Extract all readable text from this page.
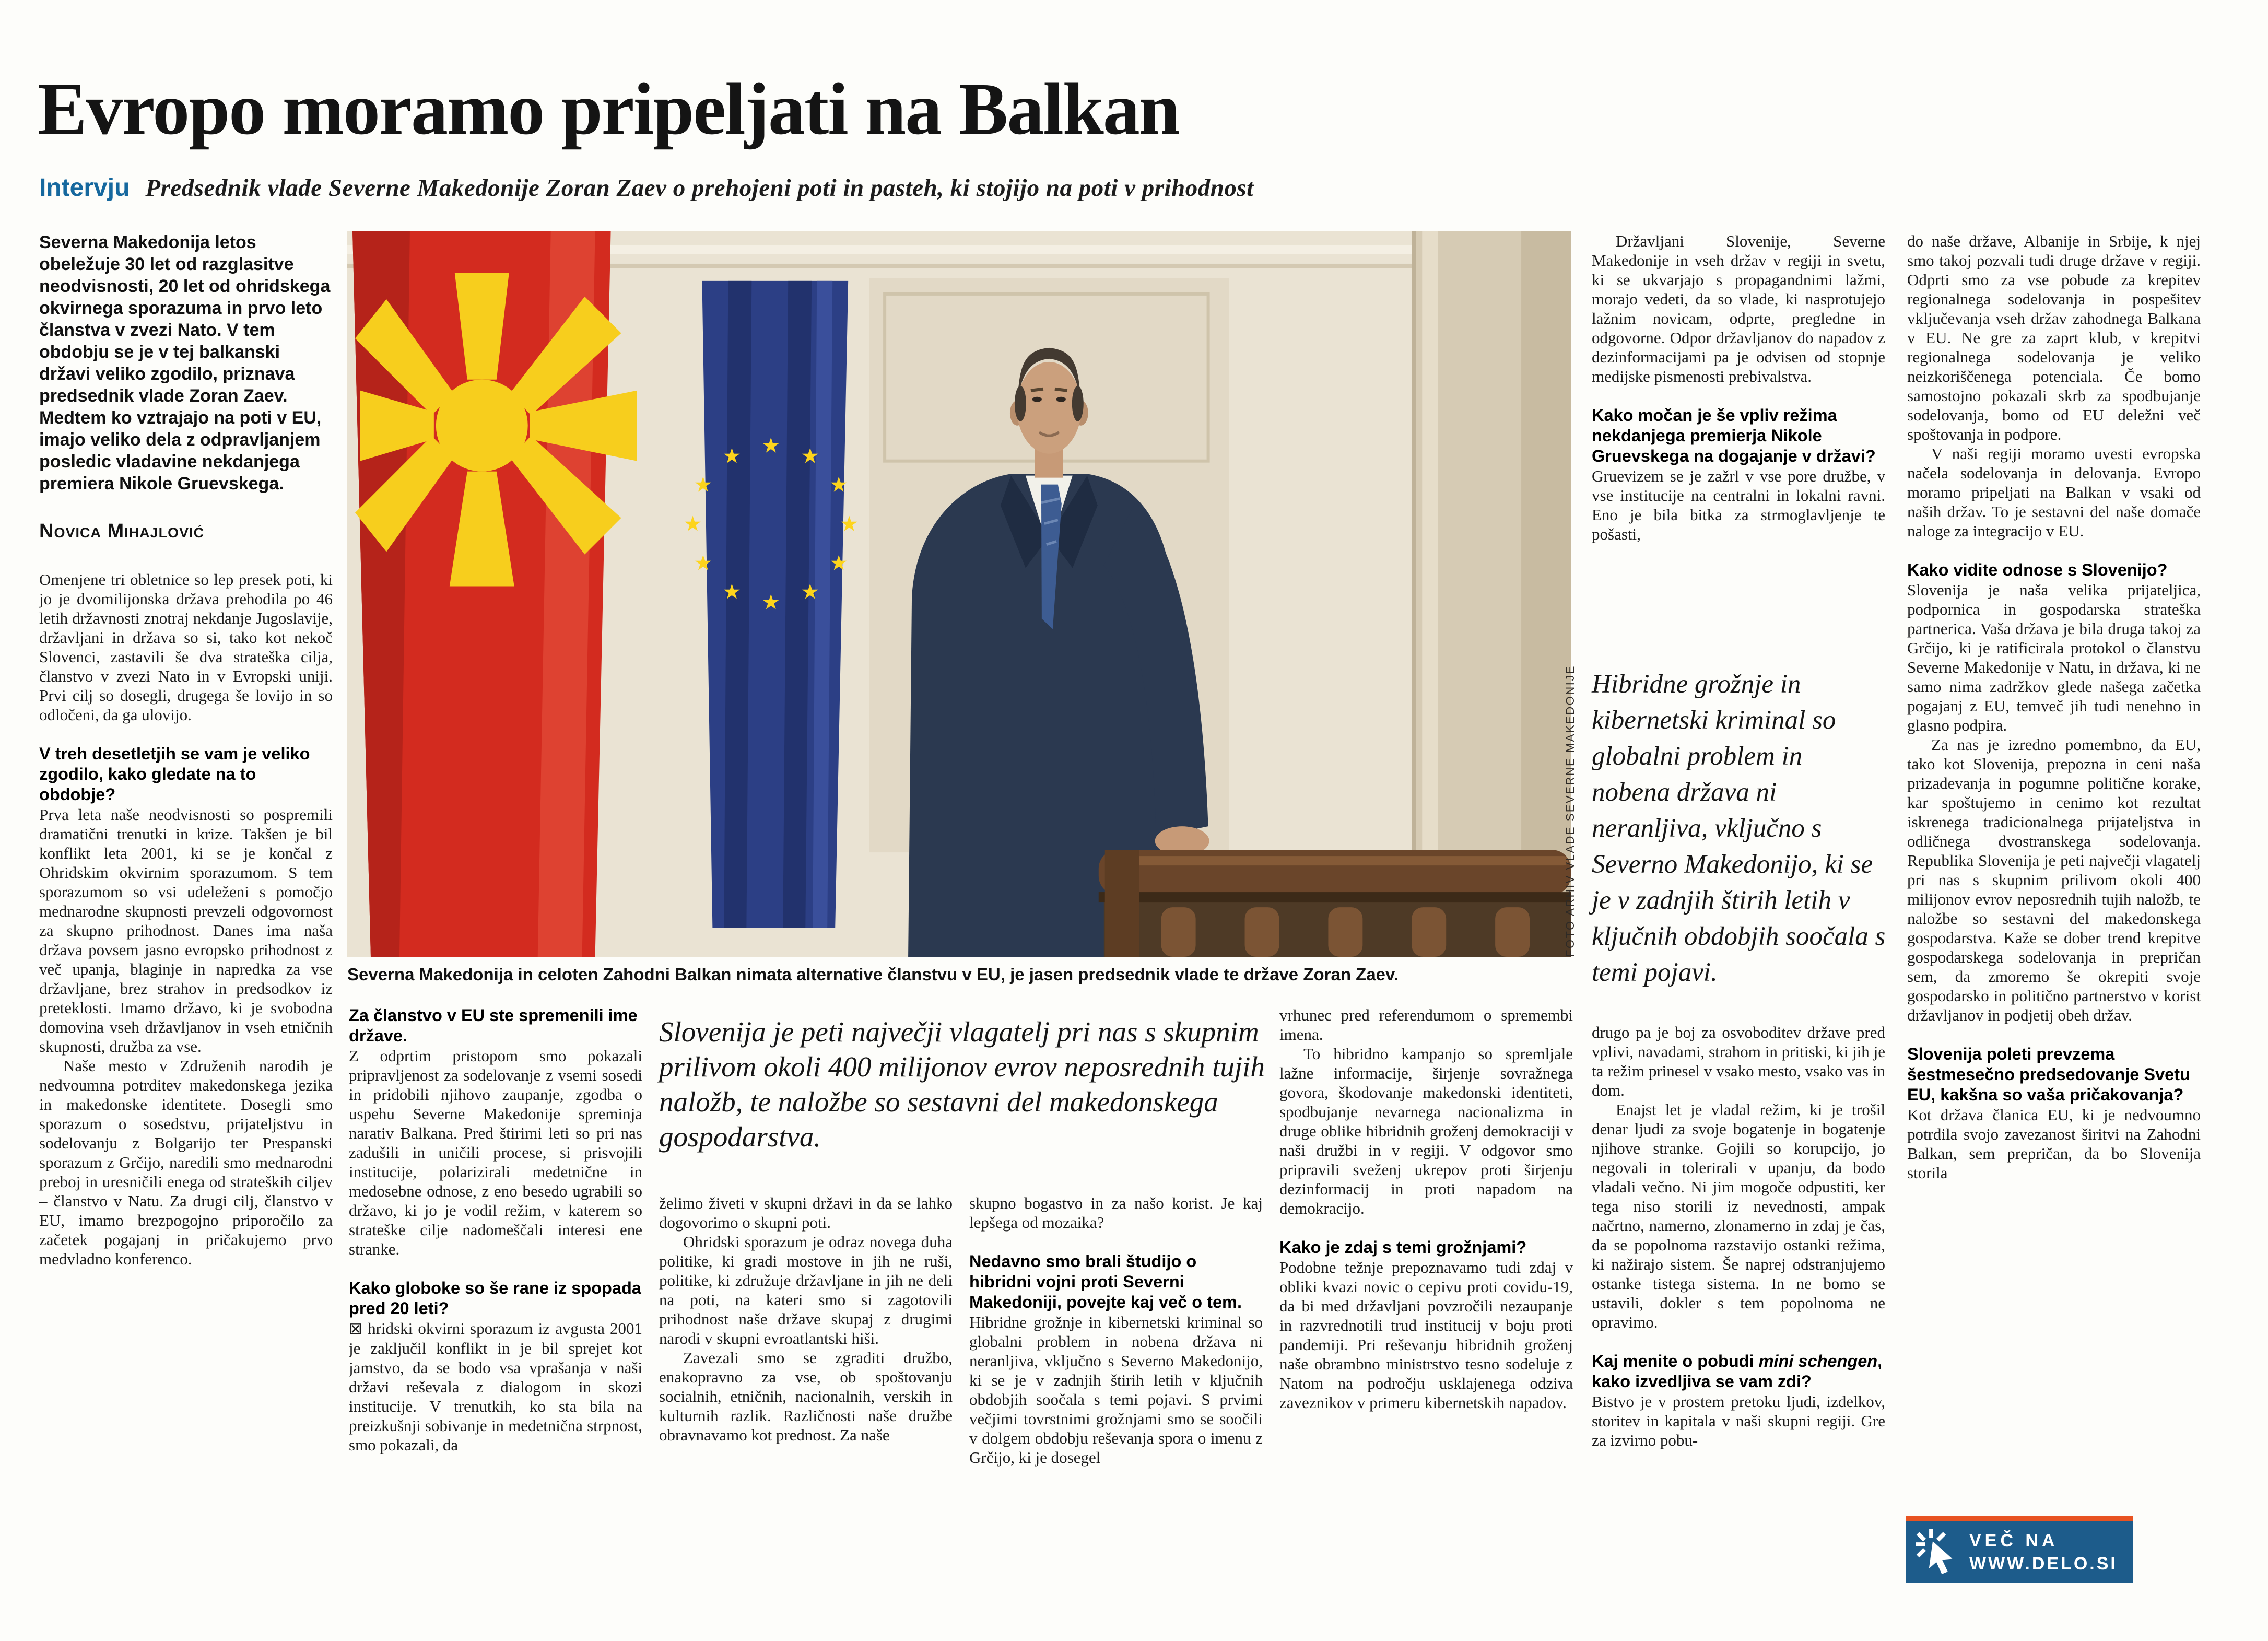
Evropo moramo pripeljati na Balkan
Intervju Predsednik vlade Severne Makedonije Zoran Zaev o prehojeni poti in pasteh, ki stojijo na poti v prihodnost
★ ★
★
★
★
★
★
★
★
★
★
★
Severna Makedonija in celoten Zahodni Balkan nimata alternative članstvu v EU, je jasen predsednik vlade te države Zoran Zaev.
FOTO ARHIV VLADE SEVERNE MAKEDONIJE
Slovenija je peti največji vlagatelj pri nas s skupnim prilivom okoli 400 milijonov evrov neposrednih tujih naložb, te naložbe so sestavni del makedonskega gospodarstva.
Hibridne grožnje in kibernetski kriminal so globalni problem in nobena država ni neranljiva, vključno s Severno Makedonijo, ki se je v zadnjih štirih letih v ključnih obdobjih soočala s temi pojavi.
Severna Makedonija letos obeležuje 30 let od razglasitve neodvisnosti, 20 let od ohridskega okvirnega sporazuma in prvo leto članstva v zvezi Nato. V tem obdobju se je v tej balkanski državi veliko zgodilo, priznava predsednik vlade Zoran Zaev. Medtem ko vztrajajo na poti v EU, imajo veliko dela z odpravljanjem posledic vladavine nekdanjega premiera Nikole Gruevskega.
Novica Mihajlović
Omenjene tri obletnice so lep presek poti, ki jo je dvomilijonska država prehodila po 46 letih državnosti znotraj nekdanje Jugoslavije, državljani in država so si, tako kot nekoč Slovenci, zastavili še dva strateška cilja, članstvo v zvezi Nato in v Evropski uniji. Prvi cilj so dosegli, drugega še lovijo in so odločeni, da ga ulovijo.
V treh desetletjih se vam je veliko zgodilo, kako gledate na to obdobje?
Prva leta naše neodvisnosti so pospremili dramatični trenutki in krize. Takšen je bil konflikt leta 2001, ki se je končal z Ohridskim okvirnim sporazumom. S tem sporazumom so vsi udeleženi s pomočjo mednarodne skupnosti prevzeli odgovornost za skupno prihodnost. Danes ima naša država povsem jasno evropsko prihodnost z več upanja, blaginje in napredka za vse državljane, brez strahov in predsodkov iz preteklosti. Imamo državo, ki je svobodna domovina vseh državljanov in vseh etničnih skupnosti, družba za vse.
Naše mesto v Združenih narodih je nedvoumna potrditev makedonskega jezika in makedonske identitete. Dosegli smo sporazum o sosedstvu, prijateljstvu in sodelovanju z Bolgarijo ter Prespanski sporazum z Grčijo, naredili smo mednarodni preboj in uresničili enega od strateških ciljev – članstvo v Natu. Za drugi cilj, članstvo v EU, imamo brezpogojno priporočilo za začetek pogajanj in pričakujemo prvo medvladno konferenco.
Za članstvo v EU ste spremenili ime države.
Z odprtim pristopom smo pokazali pripravljenost za sodelovanje z vsemi sosedi in pridobili njihovo zaupanje, zgodba o uspehu Severne Makedonije spreminja narativ Balkana. Pred štirimi leti so pri nas zadušili in uničili procese, si prisvojili institucije, polarizirali medetnične in medosebne odnose, z eno besedo ugrabili so državo, ki jo je vodil režim, v katerem so strateške cilje nadomeščali interesi ene stranke.
Kako globoke so še rane iz spopada pred 20 leti?
⊠ hridski okvirni sporazum iz avgusta 2001 je zaključil konflikt in je bil sprejet kot jamstvo, da se bodo vsa vprašanja v naši državi reševala z dialogom in skozi institucije. V trenutkih, ko sta bila na preizkušnji sobivanje in medetnična strpnost, smo pokazali, da
želimo živeti v skupni državi in da se lahko dogovorimo o skupni poti.
Ohridski sporazum je odraz novega duha politike, ki gradi mostove in jih ne ruši, politike, ki združuje državljane in jih ne deli na poti, na kateri smo si zagotovili prihodnost naše države skupaj z drugimi narodi v skupni evroatlantski hiši.
Zavezali smo se zgraditi družbo, enakopravno za vse, ob spoštovanju socialnih, etničnih, nacionalnih, verskih in kulturnih razlik. Različnosti naše družbe obravnavamo kot prednost. Za naše
skupno bogastvo in za našo korist. Je kaj lepšega od mozaika?
Nedavno smo brali študijo o hibridni vojni proti Severni Makedoniji, povejte kaj več o tem.
Hibridne grožnje in kibernetski kriminal so globalni problem in nobena država ni neranljiva, vključno s Severno Makedonijo, ki se je v zadnjih štirih letih v ključnih obdobjih soočala s temi pojavi. S prvimi večjimi tovrstnimi grožnjami smo se soočili v dolgem obdobju reševanja spora o imenu z Grčijo, ki je dosegel
vrhunec pred referendumom o spremembi imena.
To hibridno kampanjo so spremljale lažne informacije, širjenje sovražnega govora, škodovanje makedonski identiteti, spodbujanje nevarnega nacionalizma in druge oblike hibridnih groženj demokraciji v naši družbi in v regiji. V odgovor smo pripravili sveženj ukrepov proti širjenju dezinformacij in proti napadom na demokracijo.
Kako je zdaj s temi grožnjami?
Podobne težnje prepoznavamo tudi zdaj v obliki kvazi novic o cepivu proti covidu-19, da bi med državljani povzročili nezaupanje in razvrednotili trud institucij v boju proti pandemiji. Pri reševanju hibridnih groženj naše obrambno ministrstvo tesno sodeluje z Natom na področju usklajenega odziva zaveznikov v primeru kibernetskih napadov.
Državljani Slovenije, Severne Makedonije in vseh držav v regiji in svetu, ki se ukvarjajo s propagandnimi lažmi, morajo vedeti, da so vlade, ki nasprotujejo lažnim novicam, odprte, pregledne in odgovorne. Odpor državljanov do napadov z dezinformacijami pa je odvisen od stopnje medijske pismenosti prebivalstva.
Kako močan je še vpliv režima nekdanjega premierja Nikole Gruevskega na dogajanje v državi?
Gruevizem se je zažrl v vse pore družbe, v vse institucije na centralni in lokalni ravni. Eno je bila bitka za strmoglavljenje te pošasti,
drugo pa je boj za osvoboditev države pred vplivi, navadami, strahom in pritiski, ki jih je ta režim prinesel v vsako mesto, vsako vas in dom.
Enajst let je vladal režim, ki je trošil denar ljudi za svoje bogatenje in bogatenje njihove stranke. Gojili so korupcijo, jo negovali in tolerirali v upanju, da bodo vladali večno. Ni jim mogoče odpustiti, ker tega niso storili iz nevednosti, ampak načrtno, namerno, zlonamerno in zdaj je čas, da se popolnoma razstavijo ostanki režima, ki nažirajo sistem. Še naprej odstranjujemo ostanke tistega sistema. In ne bomo se ustavili, dokler s tem popolnoma ne opravimo.
Kaj menite o pobudi mini schengen, kako izvedljiva se vam zdi?
Bistvo je v prostem pretoku ljudi, izdelkov, storitev in kapitala v naši skupni regiji. Gre za izvirno pobu-
do naše države, Albanije in Srbije, k njej smo takoj pozvali tudi druge države v regiji. Odprti smo za vse pobude za krepitev regionalnega sodelovanja in pospešitev vključevanja vseh držav zahodnega Balkana v EU. Ne gre za zaprt klub, v krepitvi regionalnega sodelovanja je veliko neizkoriščenega potenciala. Če bomo samostojno pokazali skrb za spodbujanje sodelovanja, bomo od EU deležni več spoštovanja in podpore.
V naši regiji moramo uvesti evropska načela sodelovanja in delovanja. Evropo moramo pripeljati na Balkan v vsaki od naših držav. To je sestavni del naše domače naloge za integracijo v EU.
Kako vidite odnose s Slovenijo?
Slovenija je naša velika prijateljica, podpornica in gospodarska strateška partnerica. Vaša država je bila druga takoj za Grčijo, ki je ratificirala protokol o članstvu Severne Makedonije v Natu, in država, ki ne samo nima zadržkov glede našega začetka pogajanj z EU, temveč jih tudi nenehno in glasno podpira.
Za nas je izredno pomembno, da EU, tako kot Slovenija, prepozna in ceni naša prizadevanja in pogumne politične korake, kar spoštujemo in cenimo kot rezultat iskrenega tradicionalnega prijateljstva in odličnega dvostranskega sodelovanja. Republika Slovenija je peti največji vlagatelj pri nas s skupnim prilivom okoli 400 milijonov evrov neposrednih tujih naložb, te naložbe so sestavni del makedonskega gospodarstva. Kaže se dober trend krepitve gospodarskega sodelovanja in prepričan sem, da zmoremo še okrepiti svoje gospodarsko in politično partnerstvo v korist državljanov in podjetij obeh držav.
Slovenija poleti prevzema šestmesečno predsedovanje Svetu EU, kakšna so vaša pričakovanja?
Kot država članica EU, ki je nedvoumno potrdila svojo zavezanost širitvi na Zahodni Balkan, sem prepričan, da bo Slovenija storila
VEČ NA
WWW.DELO.SI
